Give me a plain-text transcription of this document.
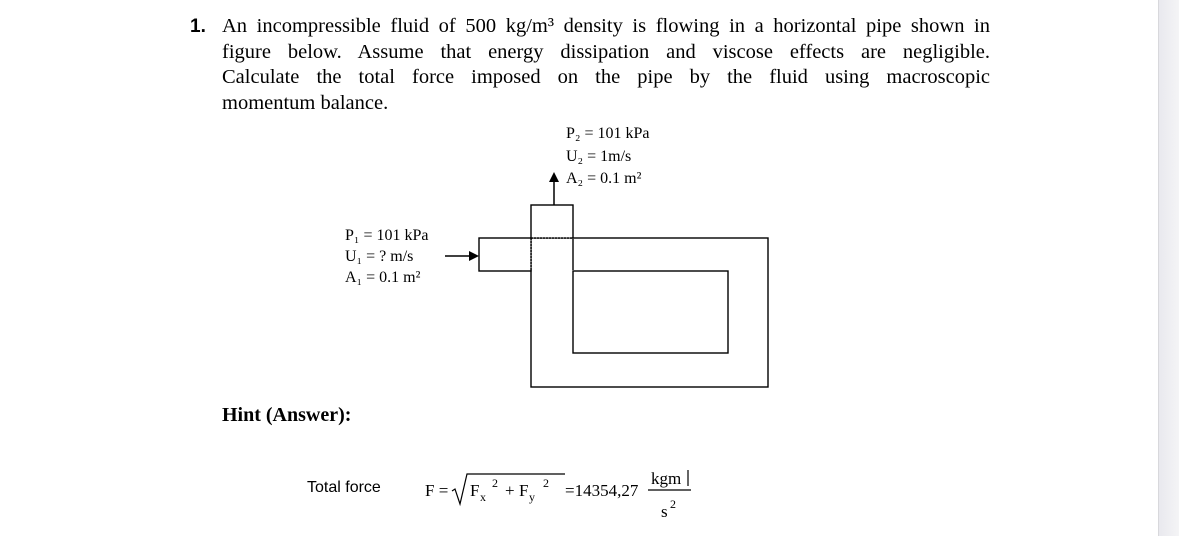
1. An incompressible fluid of 500 kg/m³ density is flowing in a horizontal pipe shown in
figure below. Assume that energy dissipation and viscose effects are negligible.
Calculate the total force imposed on the pipe by the fluid using macroscopic
momentum balance.
P₂ = 101 kPa
U₂ = 1m/s
A₂ = 0.1 m²
P₁ = 101 kPa
U₁ = ? m/s
A₁ = 0.1 m²
Hint (Answer):
Total force	F = F x
2 + F y
2 =14354,27
kgm
s 2
